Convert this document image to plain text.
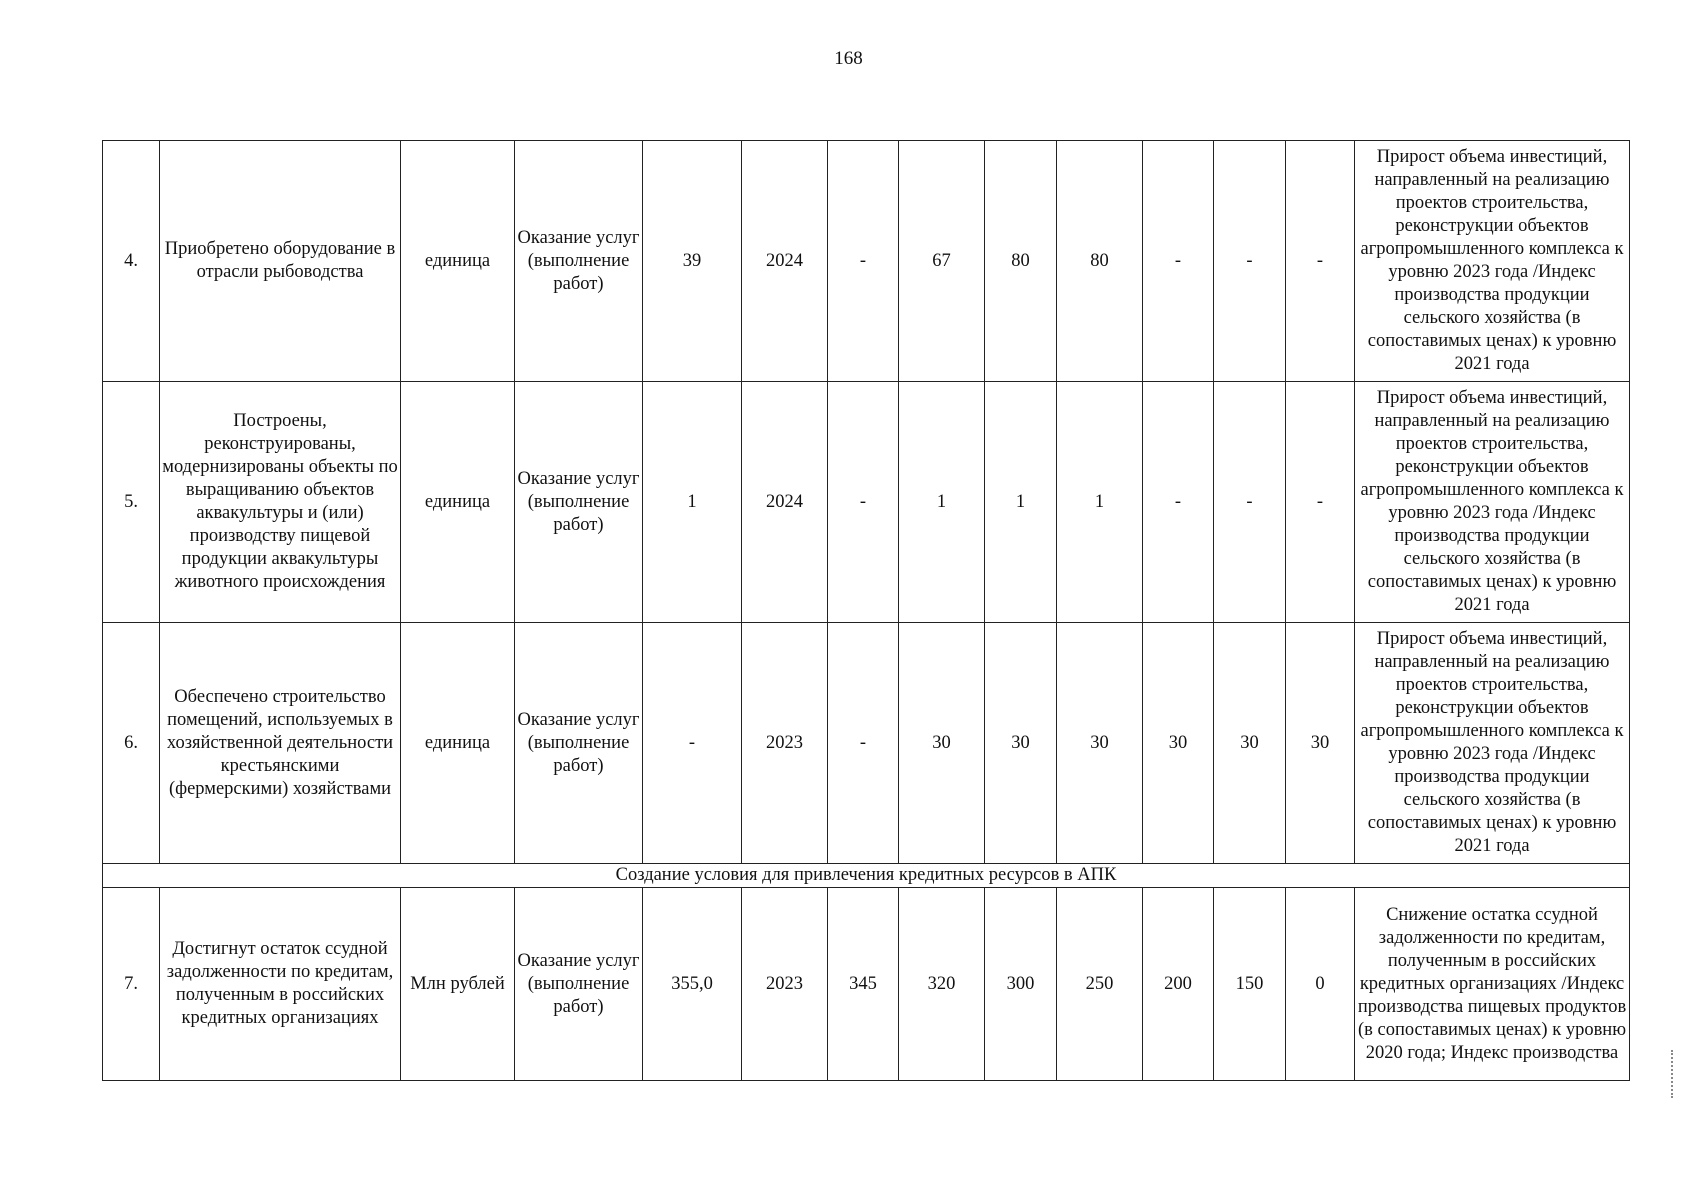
168
4.	Приобретено оборудование в отрасли рыбоводства	единица	Оказание услуг (выполнение работ)	39	2024	-	67	80	80	-	-	-	Прирост объема инвестиций, направленный на реализацию проектов строительства, реконструкции объектов агропромышленного комплекса к уровню 2023 года /Индекс производства продукции сельского хозяйства (в сопоставимых ценах) к уровню 2021 года
5.	Построены, реконструированы, модернизированы объекты по выращиванию объектов аквакультуры и (или) производству пищевой продукции аквакультуры животного происхождения	единица	Оказание услуг (выполнение работ)	1	2024	-	1	1	1	-	-	-	Прирост объема инвестиций, направленный на реализацию проектов строительства, реконструкции объектов агропромышленного комплекса к уровню 2023 года /Индекс производства продукции сельского хозяйства (в сопоставимых ценах) к уровню 2021 года
6.	Обеспечено строительство помещений, используемых в хозяйственной деятельности крестьянскими (фермерскими) хозяйствами	единица	Оказание услуг (выполнение работ)	-	2023	-	30	30	30	30	30	30	Прирост объема инвестиций, направленный на реализацию проектов строительства, реконструкции объектов агропромышленного комплекса к уровню 2023 года /Индекс производства продукции сельского хозяйства (в сопоставимых ценах) к уровню 2021 года
Создание условия для привлечения кредитных ресурсов в АПК													
7.	Достигнут остаток ссудной задолженности по кредитам, полученным в российских кредитных организациях	Млн рублей	Оказание услуг (выполнение работ)	355,0	2023	345	320	300	250	200	150	0	Снижение остатка ссудной задолженности по кредитам, полученным в российских кредитных организациях /Индекс производства пищевых продуктов (в сопоставимых ценах) к уровню 2020 года; Индекс производства
